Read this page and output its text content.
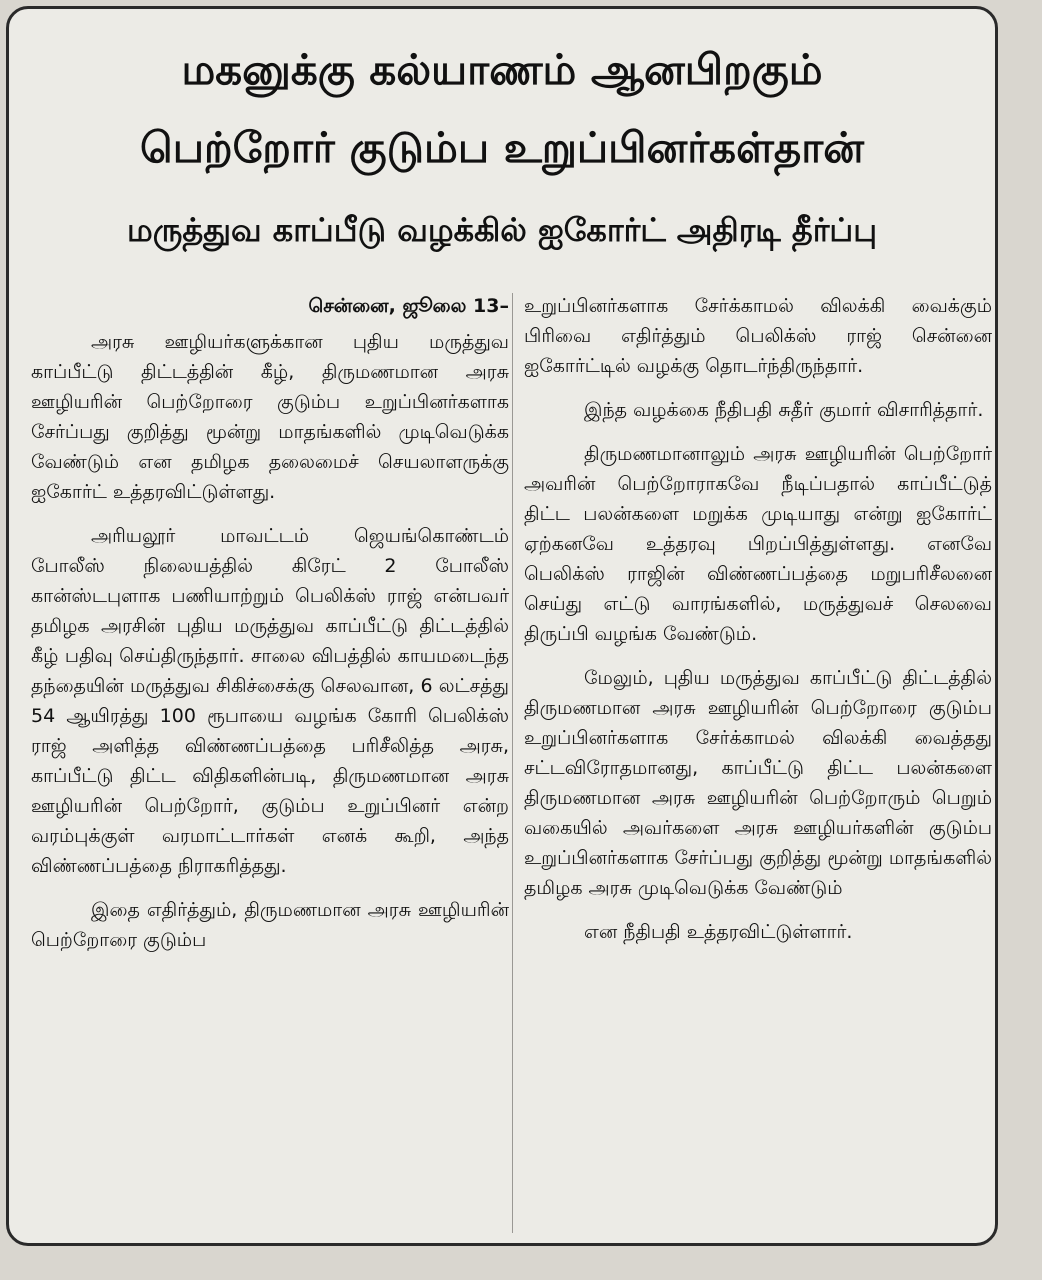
மகனுக்கு கல்யாணம் ஆனபிறகும்
பெற்றோர் குடும்ப உறுப்பினர்கள்தான்
மருத்துவ காப்பீடு வழக்கில் ஐகோர்ட் அதிரடி தீர்ப்பு

சென்னை, ஜூலை 13–

அரசு ஊழியர்களுக்கான புதிய மருத்துவ காப்பீட்டு திட்டத்தின் கீழ், திருமணமான அரசு ஊழியரின் பெற்றோரை குடும்ப உறுப்பினர்களாக சேர்ப்பது குறித்து மூன்று மாதங்களில் முடிவெடுக்க வேண்டும் என தமிழக தலைமைச் செயலாளருக்கு ஐகோர்ட் உத்தரவிட்டுள்ளது.

அரியலூர் மாவட்டம் ஜெயங்கொண்டம் போலீஸ் நிலையத்தில் கிரேட் 2 போலீஸ் கான்ஸ்டபுளாக பணியாற்றும் பெலிக்ஸ் ராஜ் என்பவர் தமிழக அரசின் புதிய மருத்துவ காப்பீட்டு திட்டத்தில் கீழ் பதிவு செய்திருந்தார். சாலை விபத்தில் காயமடைந்த தந்தையின் மருத்துவ சிகிச்சைக்கு செலவான, 6 லட்சத்து 54 ஆயிரத்து 100 ரூபாயை வழங்க கோரி பெலிக்ஸ் ராஜ் அளித்த விண்ணப்பத்தை பரிசீலித்த அரசு, காப்பீட்டு திட்ட விதிகளின்படி, திருமணமான அரசு ஊழியரின் பெற்றோர், குடும்ப உறுப்பினர் என்ற வரம்புக்குள் வரமாட்டார்கள் எனக் கூறி, அந்த விண்ணப்பத்தை நிராகரித்தது.

இதை எதிர்த்தும், திருமணமான அரசு ஊழியரின் பெற்றோரை குடும்ப

உறுப்பினர்களாக சேர்க்காமல் விலக்கி வைக்கும் பிரிவை எதிர்த்தும் பெலிக்ஸ் ராஜ் சென்னை ஐகோர்ட்டில் வழக்கு தொடர்ந்திருந்தார்.

இந்த வழக்கை நீதிபதி சுதீர் குமார் விசாரித்தார்.

திருமணமானாலும் அரசு ஊழியரின் பெற்றோர் அவரின் பெற்றோராகவே நீடிப்பதால் காப்பீட்டுத் திட்ட பலன்களை மறுக்க முடியாது என்று ஐகோர்ட் ஏற்கனவே உத்தரவு பிறப்பித்துள்ளது. எனவே பெலிக்ஸ் ராஜின் விண்ணப்பத்தை மறுபரிசீலனை செய்து எட்டு வாரங்களில், மருத்துவச் செலவை திருப்பி வழங்க வேண்டும்.

மேலும், புதிய மருத்துவ காப்பீட்டு திட்டத்தில் திருமணமான அரசு ஊழியரின் பெற்றோரை குடும்ப உறுப்பினர்களாக சேர்க்காமல் விலக்கி வைத்தது சட்டவிரோதமானது, காப்பீட்டு திட்ட பலன்களை திருமணமான அரசு ஊழியரின் பெற்றோரும் பெறும் வகையில் அவர்களை அரசு ஊழியர்களின் குடும்ப உறுப்பினர்களாக சேர்ப்பது குறித்து மூன்று மாதங்களில் தமிழக அரசு முடிவெடுக்க வேண்டும்

என நீதிபதி உத்தரவிட்டுள்ளார்.
